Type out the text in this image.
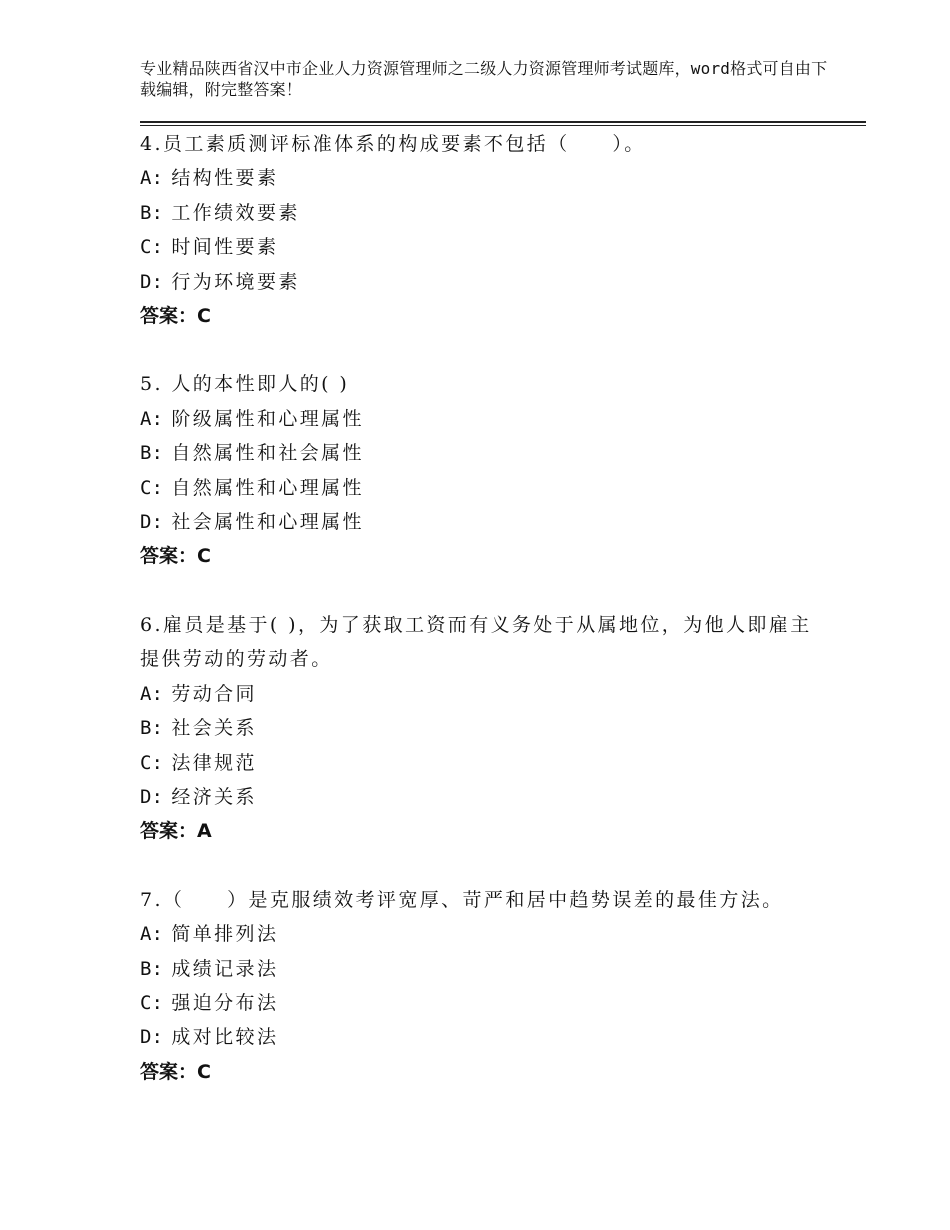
专业精品陕西省汉中市企业人力资源管理师之二级人力资源管理师考试题库，word格式可自由下载编辑，附完整答案！
4.员工素质测评标准体系的构成要素不包括（　　）。
A: 结构性要素
B: 工作绩效要素
C: 时间性要素
D: 行为环境要素
答案：C
5. 人的本性即人的( )
A: 阶级属性和心理属性
B: 自然属性和社会属性
C: 自然属性和心理属性
D: 社会属性和心理属性
答案：C
6.雇员是基于( )，为了获取工资而有义务处于从属地位，为他人即雇主提供劳动的劳动者。
A: 劳动合同
B: 社会关系
C: 法律规范
D: 经济关系
答案：A
7.（　　）是克服绩效考评宽厚、苛严和居中趋势误差的最佳方法。
A: 简单排列法
B: 成绩记录法
C: 强迫分布法
D: 成对比较法
答案：C
